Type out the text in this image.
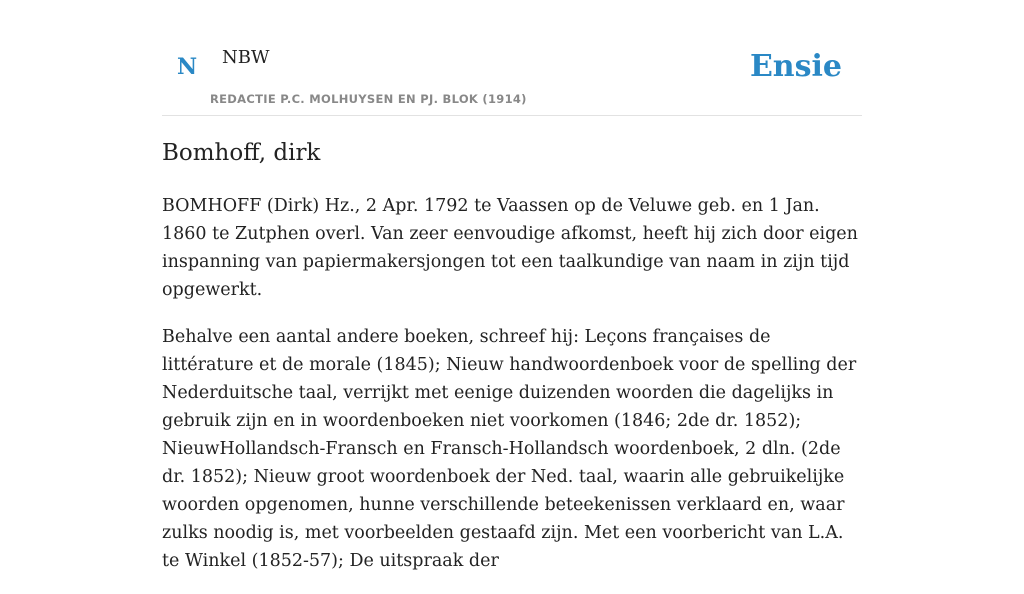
N NBW
REDACTIE P.C. MOLHUYSEN EN PJ. BLOK (1914)
Ensie
Bomhoff, dirk

BOMHOFF (Dirk) Hz., 2 Apr. 1792 te Vaassen op de Veluwe geb. en 1 Jan. 1860 te Zutphen overl. Van zeer eenvoudige afkomst, heeft hij zich door eigen inspanning van papiermakersjongen tot een taalkundige van naam in zijn tijd opgewerkt.

Behalve een aantal andere boeken, schreef hij: Leçons françaises de littérature et de morale (1845); Nieuw handwoordenboek voor de spelling der Nederduitsche taal, verrijkt met eenige duizenden woorden die dagelijks in gebruik zijn en in woordenboeken niet voorkomen (1846; 2de dr. 1852); NieuwHollandsch-Fransch en Fransch-Hollandsch woordenboek, 2 dln. (2de dr. 1852); Nieuw groot woordenboek der Ned. taal, waarin alle gebruikelijke woorden opgenomen, hunne verschillende beteekenissen verklaard en, waar zulks noodig is, met voorbeelden gestaafd zijn. Met een voorbericht van L.A. te Winkel (1852-57); De uitspraak der
